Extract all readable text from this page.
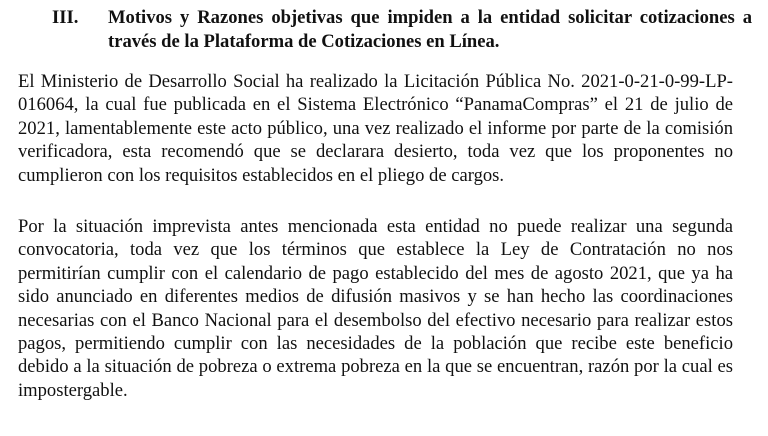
III.	Motivos y Razones objetivas que impiden a la entidad solicitar cotizaciones a través de la Plataforma de Cotizaciones en Línea.

El Ministerio de Desarrollo Social ha realizado la Licitación Pública No. 2021-0-21-0-99-LP-016064, la cual fue publicada en el Sistema Electrónico “PanamaCompras” el 21 de julio de 2021, lamentablemente este acto público, una vez realizado el informe por parte de la comisión verificadora, esta recomendó que se declarara desierto, toda vez que los proponentes no cumplieron con los requisitos establecidos en el pliego de cargos.

Por la situación imprevista antes mencionada esta entidad no puede realizar una segunda convocatoria, toda vez que los términos que establece la Ley de Contratación no nos permitirían cumplir con el calendario de pago establecido del mes de agosto 2021, que ya ha sido anunciado en diferentes medios de difusión masivos y se han hecho las coordinaciones necesarias con el Banco Nacional para el desembolso del efectivo necesario para realizar estos pagos, permitiendo cumplir con las necesidades de la población que recibe este beneficio debido a la situación de pobreza o extrema pobreza en la que se encuentran, razón por la cual es impostergable.
